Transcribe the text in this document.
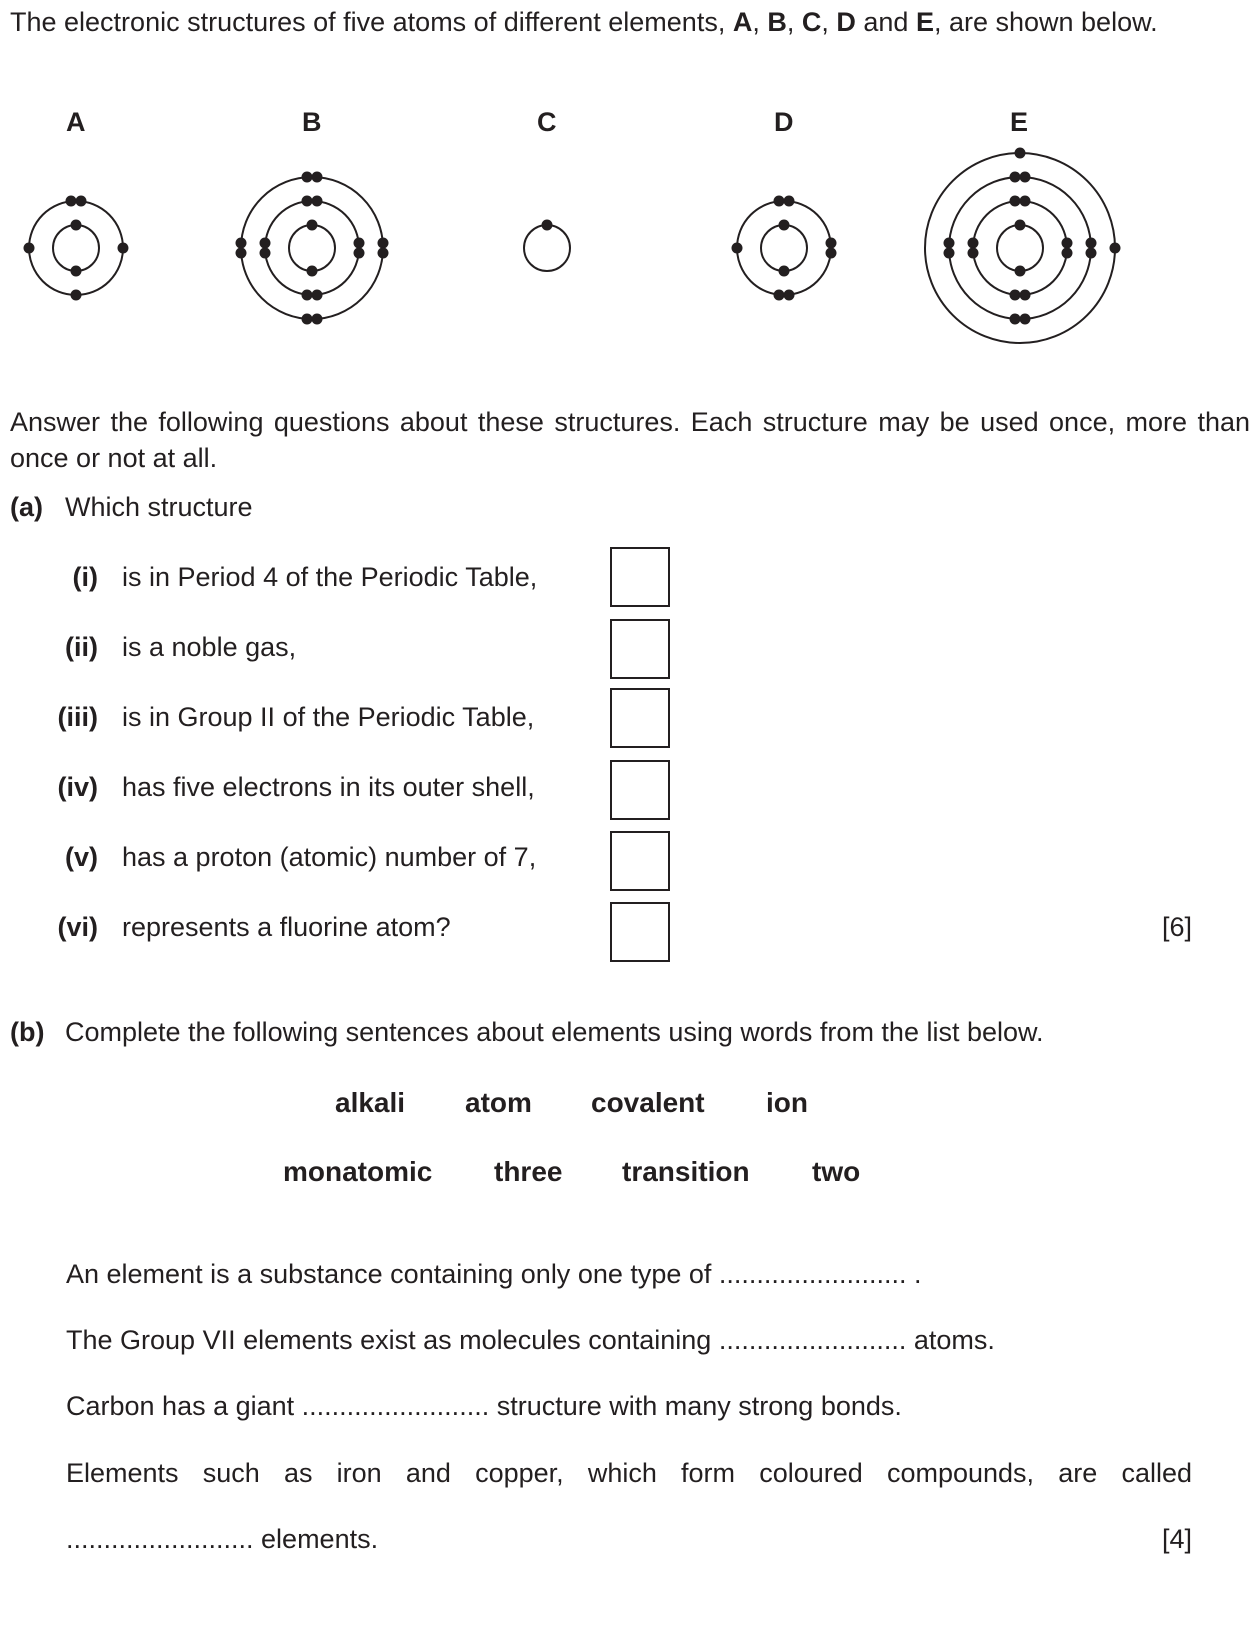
The electronic structures of five atoms of different elements, A, B, C, D and E, are shown below.
A	B	C	D	E
Answer the following questions about these structures. Each structure may be used once, more than once or not at all.
(a) Which structure
(i) is in Period 4 of the Periodic Table,
(ii) is a noble gas,
(iii) is in Group II of the Periodic Table,
(iv) has five electrons in its outer shell,
(v) has a proton (atomic) number of 7,
(vi) represents a fluorine atom?	[6]
(b) Complete the following sentences about elements using words from the list below.
alkali atom covalent ion
monatomic three transition two
An element is a substance containing only one type of ......................... .
The Group VII elements exist as molecules containing ......................... atoms.
Carbon has a giant ......................... structure with many strong bonds.
Elements such as iron and copper, which form coloured compounds, are called
......................... elements.	[4]
